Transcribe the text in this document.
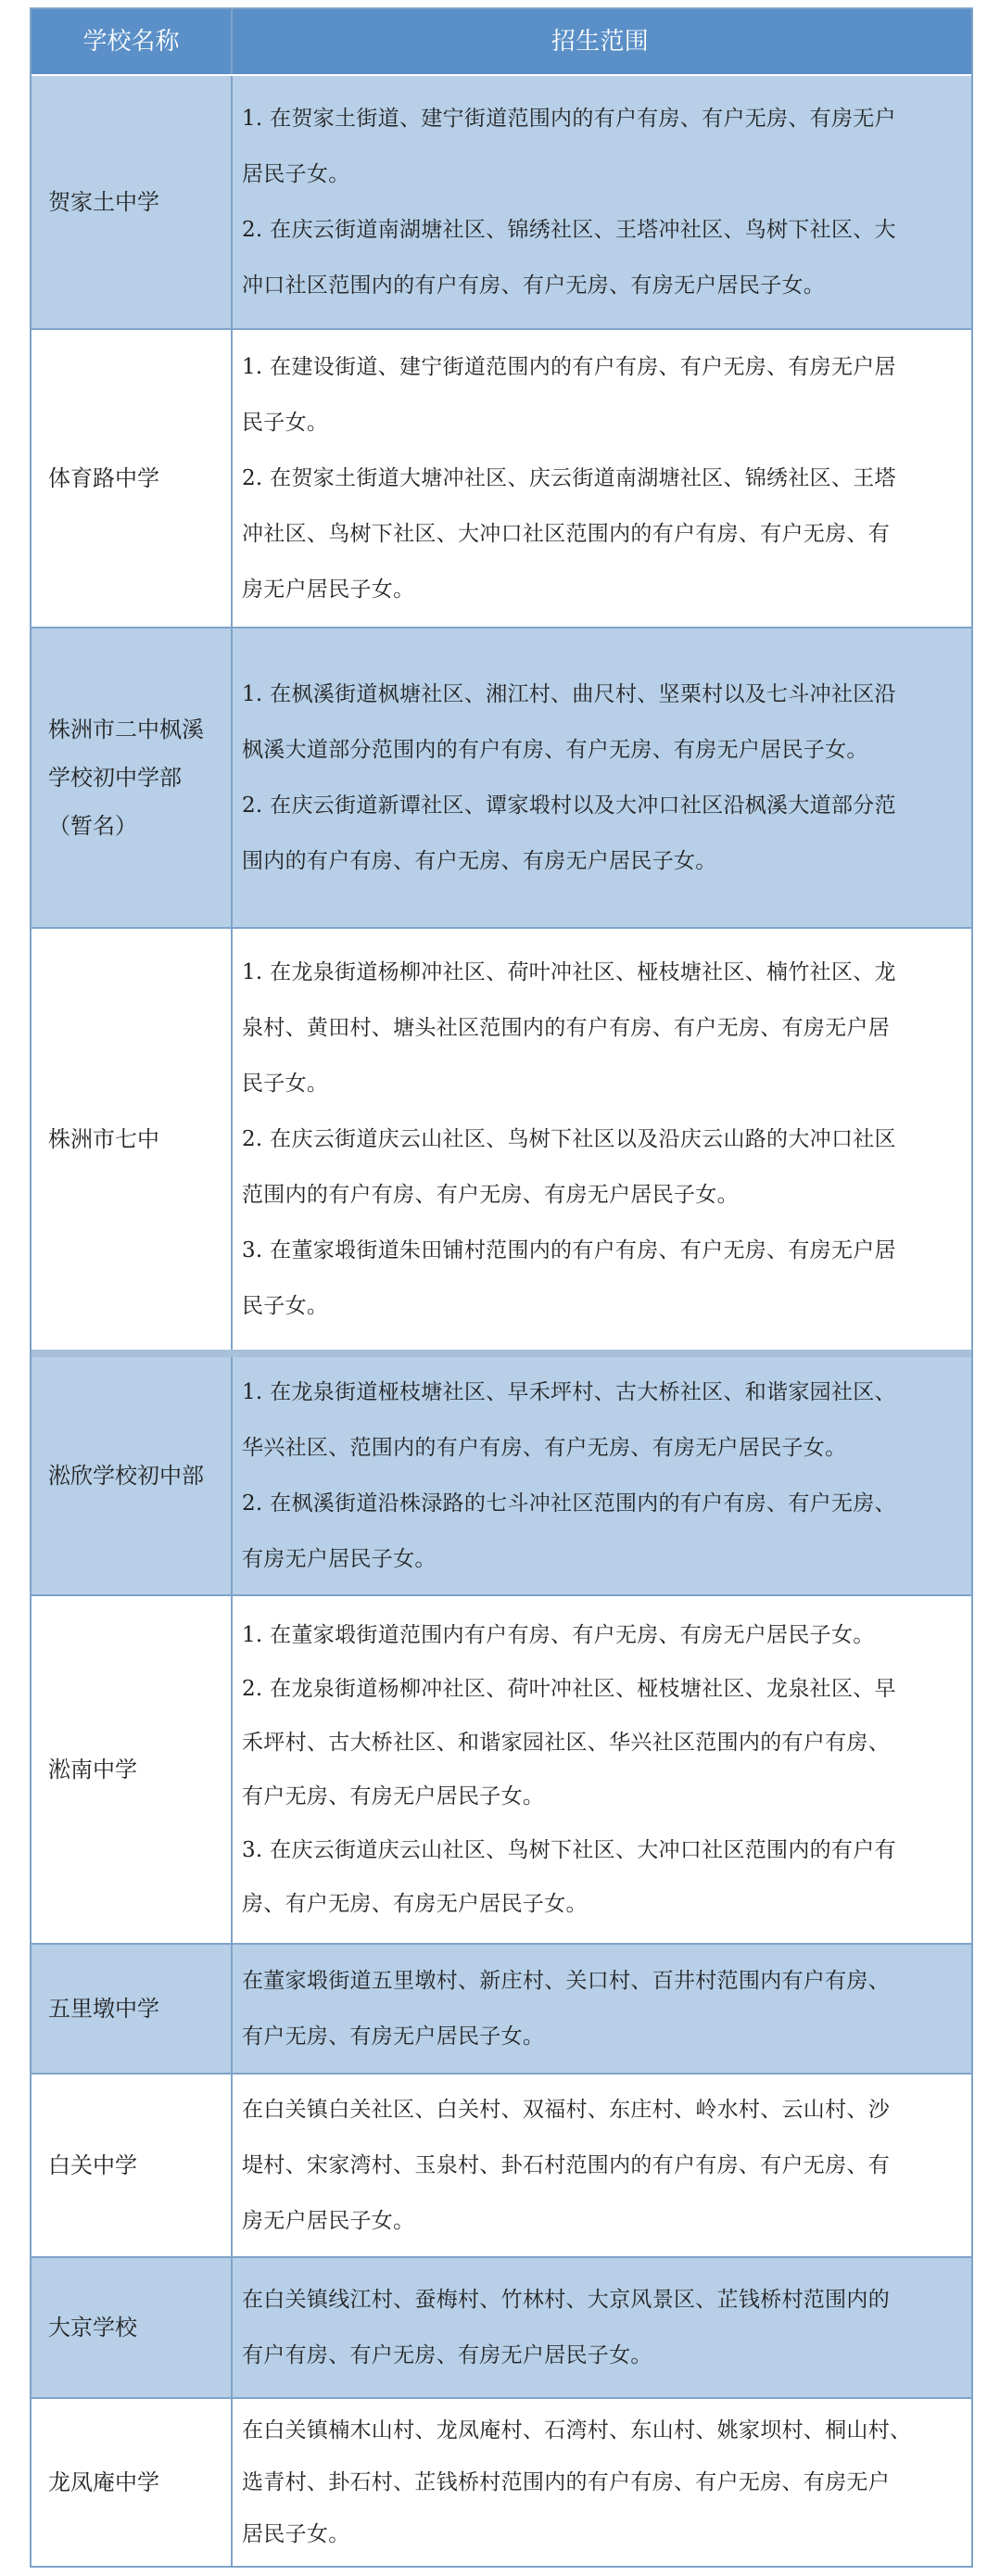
学校名称	招生范围
贺家土中学

1. 在贺家土街道、建宁街道范围内的有户有房、有户无房、有房无户

居民子女。

2. 在庆云街道南湖塘社区、锦绣社区、王塔冲社区、鸟树下社区、大

冲口社区范围内的有户有房、有户无房、有房无户居民子女。

体育路中学

1. 在建设街道、建宁街道范围内的有户有房、有户无房、有房无户居

民子女。

2. 在贺家土街道大塘冲社区、庆云街道南湖塘社区、锦绣社区、王塔

冲社区、鸟树下社区、大冲口社区范围内的有户有房、有户无房、有

房无户居民子女。

株洲市二中枫溪
学校初中学部
（暂名）

1. 在枫溪街道枫塘社区、湘江村、曲尺村、坚栗村以及七斗冲社区沿

枫溪大道部分范围内的有户有房、有户无房、有房无户居民子女。

2. 在庆云街道新谭社区、谭家塅村以及大冲口社区沿枫溪大道部分范

围内的有户有房、有户无房、有房无户居民子女。

株洲市七中

1. 在龙泉街道杨柳冲社区、荷叶冲社区、桠枝塘社区、楠竹社区、龙

泉村、黄田村、塘头社区范围内的有户有房、有户无房、有房无户居

民子女。

2. 在庆云街道庆云山社区、鸟树下社区以及沿庆云山路的大冲口社区

范围内的有户有房、有户无房、有房无户居民子女。

3. 在董家塅街道朱田铺村范围内的有户有房、有户无房、有房无户居

民子女。

淞欣学校初中部

1. 在龙泉街道桠枝塘社区、早禾坪村、古大桥社区、和谐家园社区、

华兴社区、范围内的有户有房、有户无房、有房无户居民子女。

2. 在枫溪街道沿株渌路的七斗冲社区范围内的有户有房、有户无房、

有房无户居民子女。

淞南中学

1. 在董家塅街道范围内有户有房、有户无房、有房无户居民子女。

2. 在龙泉街道杨柳冲社区、荷叶冲社区、桠枝塘社区、龙泉社区、早

禾坪村、古大桥社区、和谐家园社区、华兴社区范围内的有户有房、

有户无房、有房无户居民子女。

3. 在庆云街道庆云山社区、鸟树下社区、大冲口社区范围内的有户有

房、有户无房、有房无户居民子女。

五里墩中学

在董家塅街道五里墩村、新庄村、关口村、百井村范围内有户有房、

有户无房、有房无户居民子女。

白关中学

在白关镇白关社区、白关村、双福村、东庄村、岭水村、云山村、沙

堤村、宋家湾村、玉泉村、卦石村范围内的有户有房、有户无房、有

房无户居民子女。

大京学校

在白关镇线江村、蚕梅村、竹林村、大京风景区、芷钱桥村范围内的

有户有房、有户无房、有房无户居民子女。

龙凤庵中学

在白关镇楠木山村、龙凤庵村、石湾村、东山村、姚家坝村、桐山村、

选青村、卦石村、芷钱桥村范围内的有户有房、有户无房、有房无户

居民子女。
